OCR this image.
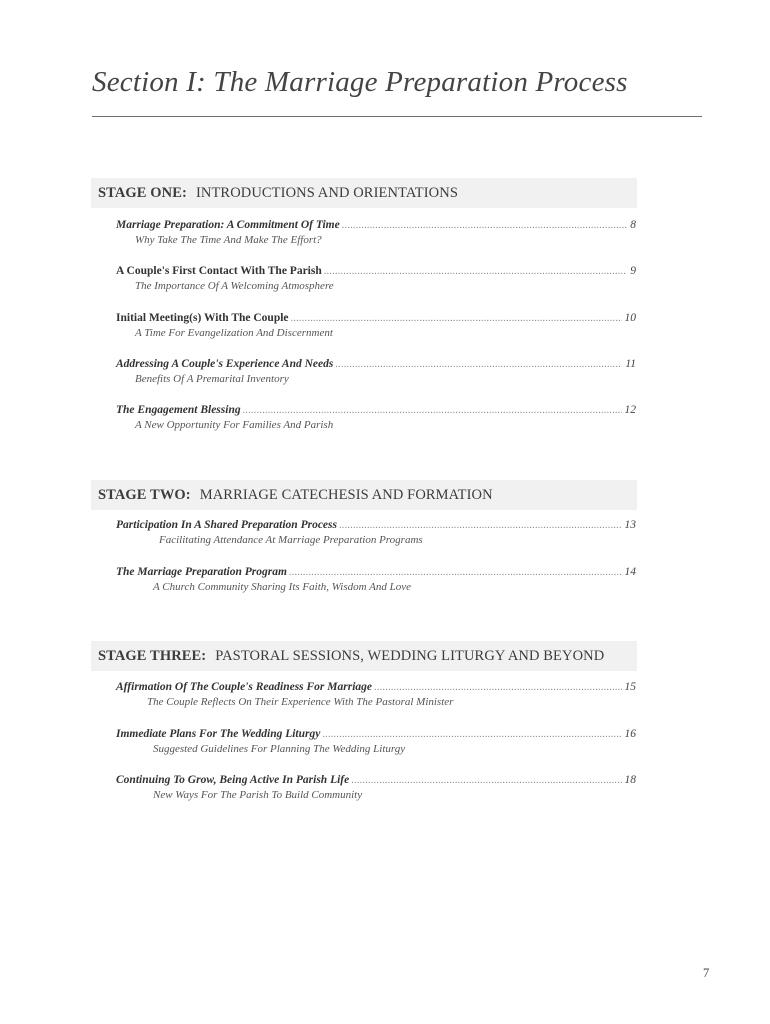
Section I: The Marriage Preparation Process
STAGE ONE: INTRODUCTIONS AND ORIENTATIONS
Marriage Preparation: A Commitment Of Time .....	8
Why Take The Time And Make The Effort?
A Couple's First Contact With The Parish .....	9
The Importance Of A Welcoming Atmosphere
Initial Meeting(s) With The Couple .....	10
A Time For Evangelization And Discernment
Addressing A Couple's Experience And Needs .....	11
Benefits Of A Premarital Inventory
The Engagement Blessing .....	12
A New Opportunity For Families And Parish
STAGE TWO: MARRIAGE CATECHESIS AND FORMATION
Participation In A Shared Preparation Process .....	13
Facilitating Attendance At Marriage Preparation Programs
The Marriage Preparation Program .....	14
A Church Community Sharing Its Faith, Wisdom And Love
STAGE THREE: PASTORAL SESSIONS, WEDDING LITURGY AND BEYOND
Affirmation Of The Couple's Readiness For Marriage .....	15
The Couple Reflects On Their Experience With The Pastoral Minister
Immediate Plans For The Wedding Liturgy .....	16
Suggested Guidelines For Planning The Wedding Liturgy
Continuing To Grow, Being Active In Parish Life .....	18
New Ways For The Parish To Build Community
7
